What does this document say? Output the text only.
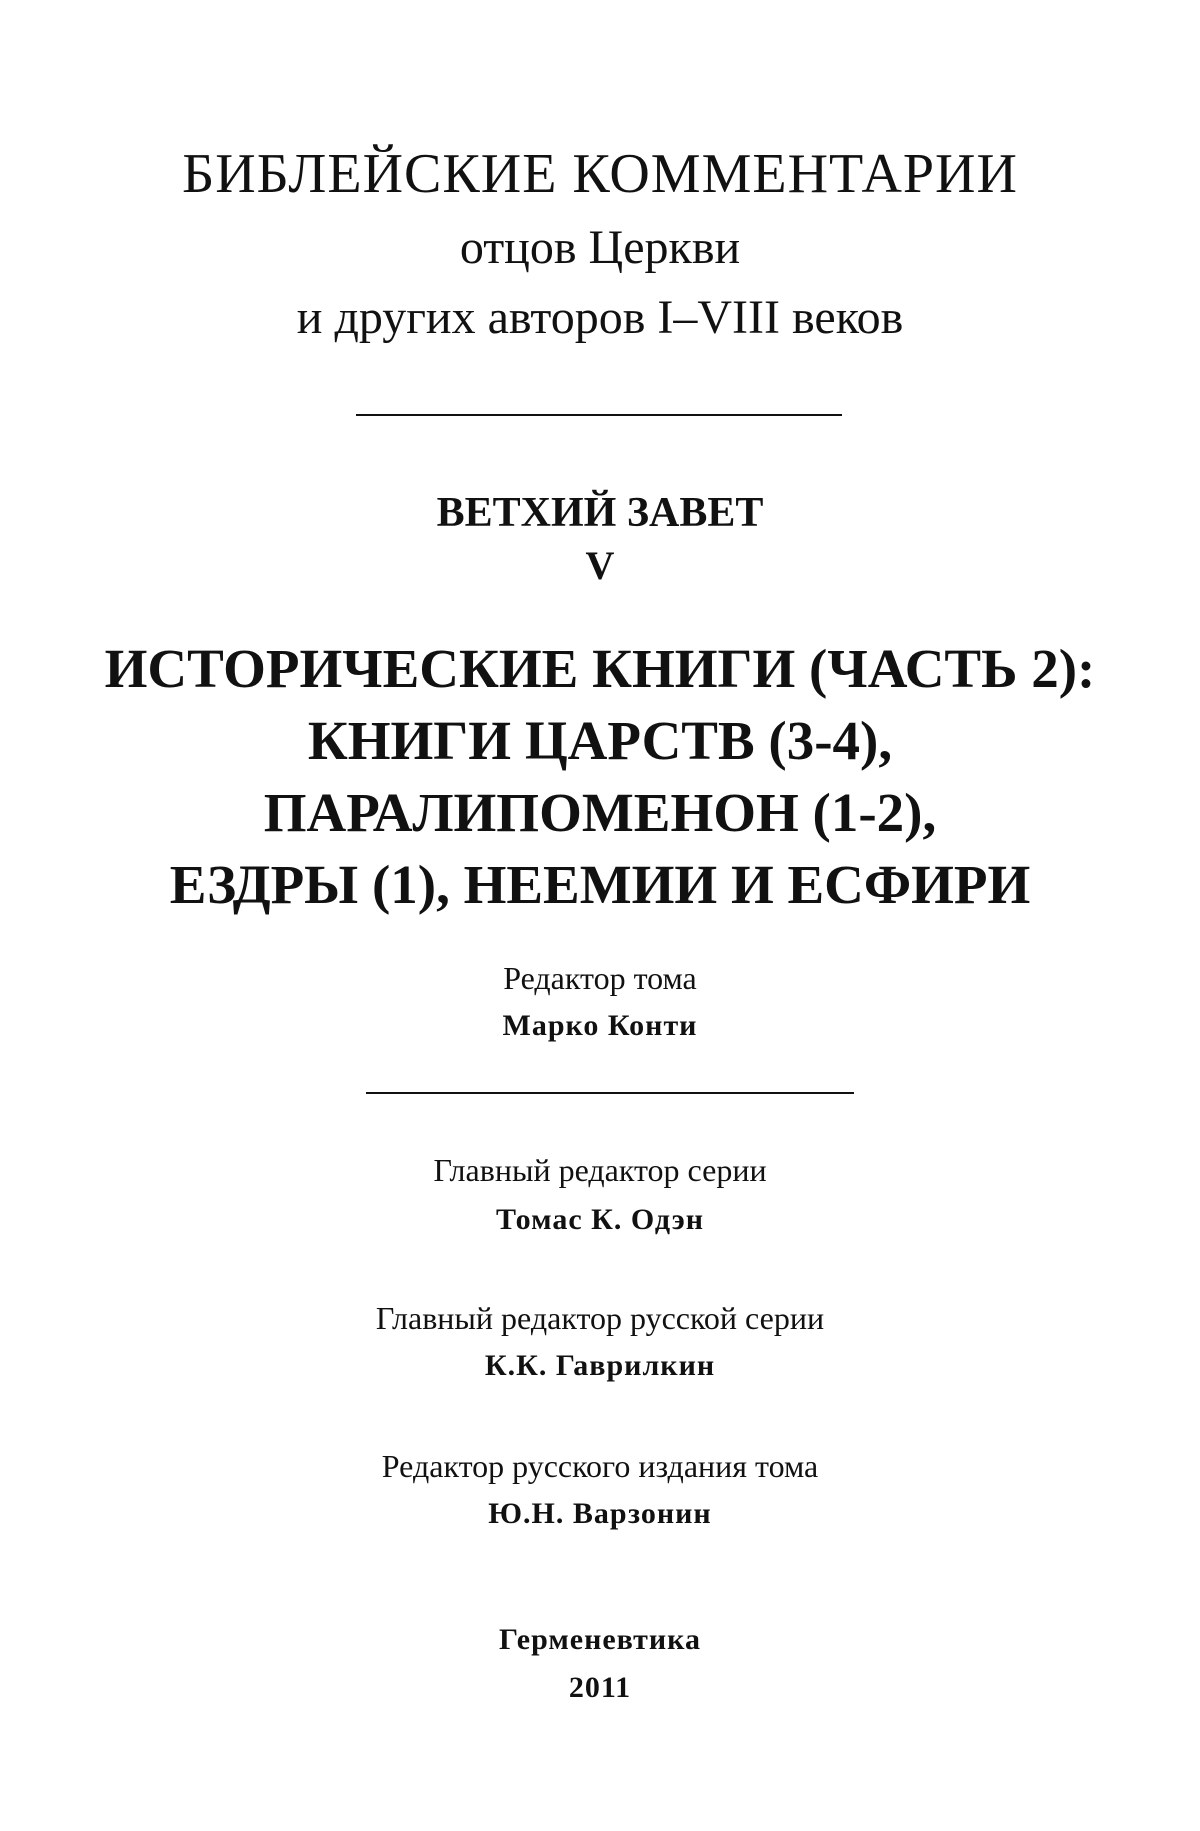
БИБЛЕЙСКИЕ КОММЕНТАРИИ
отцов Церкви
и других авторов I–VIII веков
ВЕТХИЙ ЗАВЕТ
V
ИСТОРИЧЕСКИЕ КНИГИ (ЧАСТЬ 2):
КНИГИ ЦАРСТВ (3-4),
ПАРАЛИПОМЕНОН (1-2),
ЕЗДРЫ (1), НЕЕМИИ И ЕСФИРИ
Редактор тома
Марко Конти
Главный редактор серии
Томас К. Одэн
Главный редактор русской серии
К.К. Гаврилкин
Редактор русского издания тома
Ю.Н. Варзонин
Герменевтика
2011
